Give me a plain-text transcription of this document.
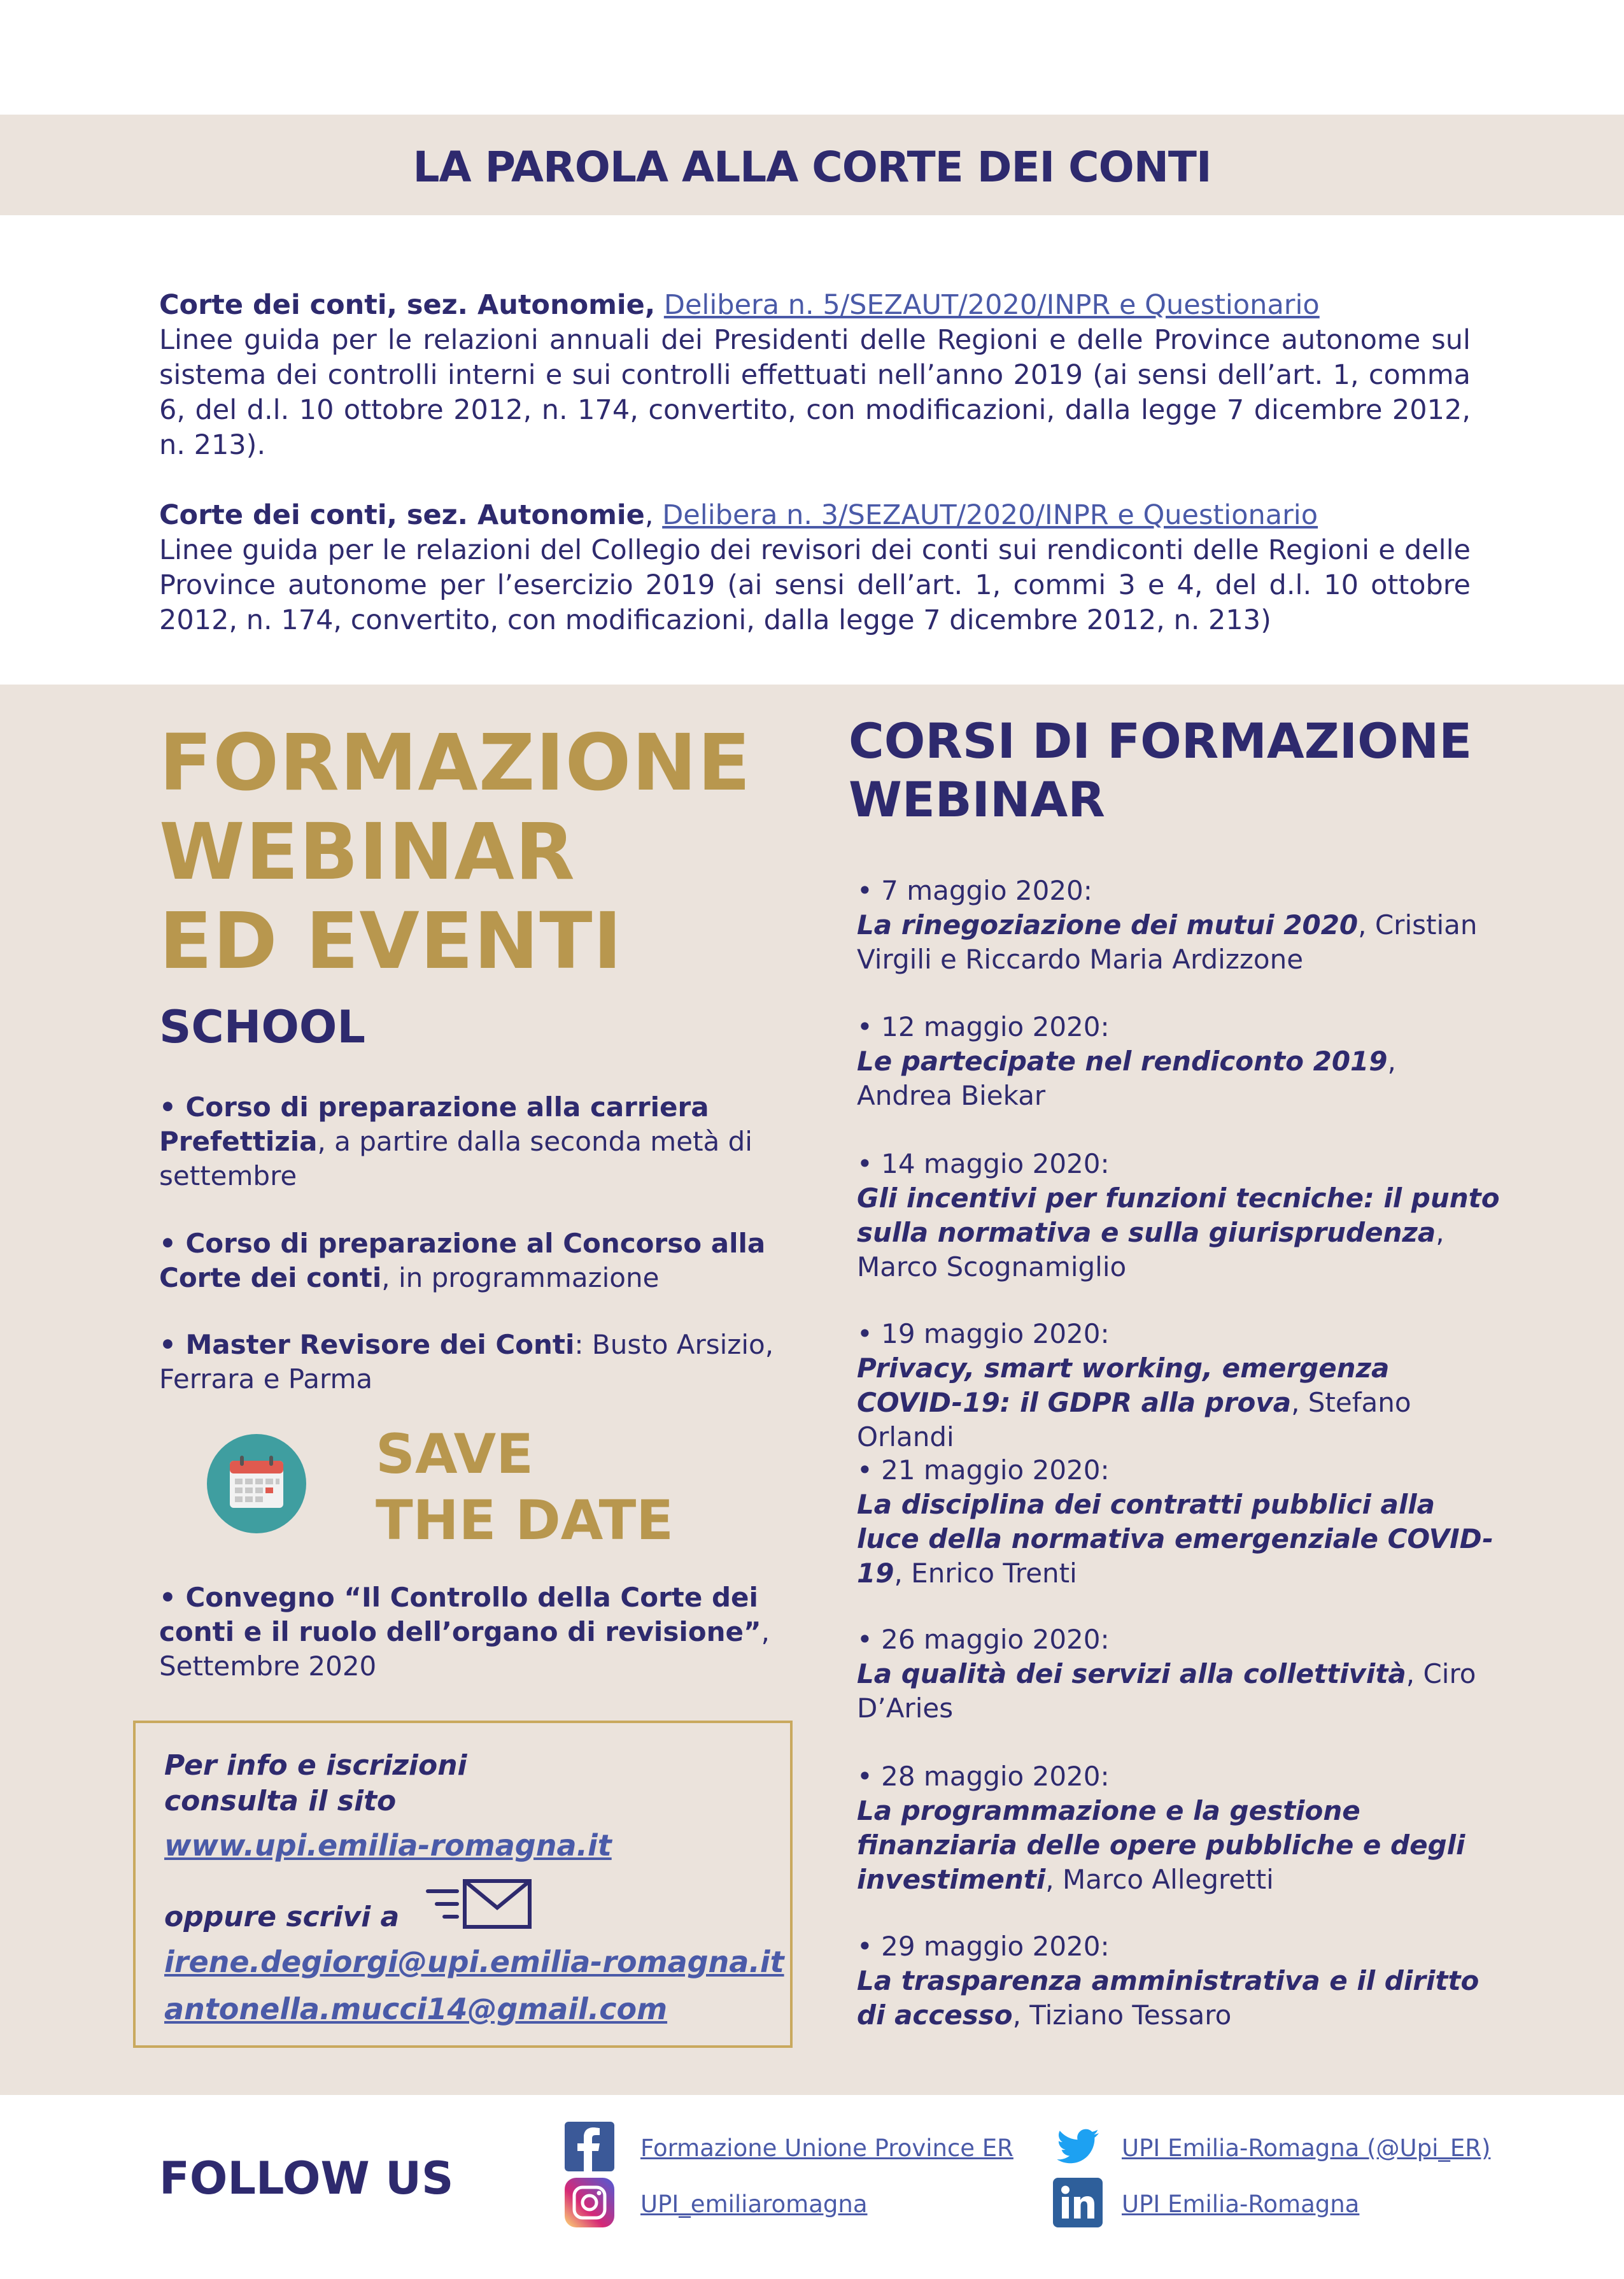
LA PAROLA ALLA CORTE DEI CONTI
Corte dei conti, sez. Autonomie, Delibera n. 5/SEZAUT/2020/INPR e Questionario
Linee guida per le relazioni annuali dei Presidenti delle Regioni e delle Province autonome sul sistema dei controlli interni e sui controlli effettuati nell’anno 2019 (ai sensi dell’art. 1, comma 6, del d.l. 10 ottobre 2012, n. 174, convertito, con modificazioni, dalla legge 7 dicembre 2012, n. 213).
Corte dei conti, sez. Autonomie, Delibera n. 3/SEZAUT/2020/INPR e Questionario
Linee guida per le relazioni del Collegio dei revisori dei conti sui rendiconti delle Regioni e delle Province autonome per l’esercizio 2019 (ai sensi dell’art. 1, commi 3 e 4, del d.l. 10 ottobre 2012, n. 174, convertito, con modificazioni, dalla legge 7 dicembre 2012, n. 213)
FORMAZIONE
WEBINAR
ED EVENTI
SCHOOL
• Corso di preparazione alla carriera Prefettizia, a partire dalla seconda metà di settembre
• Corso di preparazione al Concorso alla Corte dei conti, in programmazione
• Master Revisore dei Conti: Busto Arsizio, Ferrara e Parma
SAVE
THE DATE
• Convegno “Il Controllo della Corte dei conti e il ruolo dell’organo di revisione”, Settembre 2020
Per info e iscrizioni
consulta il sito
www.upi.emilia-romagna.it
oppure scrivi a
irene.degiorgi@upi.emilia-romagna.it
antonella.mucci14@gmail.com
CORSI DI FORMAZIONE
WEBINAR
• 7 maggio 2020:
La rinegoziazione dei mutui 2020, Cristian Virgili e Riccardo Maria Ardizzone
• 12 maggio 2020:
Le partecipate nel rendiconto 2019, Andrea Biekar
• 14 maggio 2020:
Gli incentivi per funzioni tecniche: il punto sulla normativa e sulla giurisprudenza, Marco Scognamiglio
• 19 maggio 2020:
Privacy, smart working, emergenza COVID-19: il GDPR alla prova, Stefano Orlandi
• 21 maggio 2020:
La disciplina dei contratti pubblici alla luce della normativa emergenziale COVID-19, Enrico Trenti
• 26 maggio 2020:
La qualità dei servizi alla collettività, Ciro D’Aries
• 28 maggio 2020:
La programmazione e la gestione finanziaria delle opere pubbliche e degli investimenti, Marco Allegretti
• 29 maggio 2020:
La trasparenza amministrativa e il diritto di accesso, Tiziano Tessaro
FOLLOW US
Formazione Unione Province ER	UPI Emilia-Romagna (@Upi_ER)
UPI_emiliaromagna	UPI Emilia-Romagna
